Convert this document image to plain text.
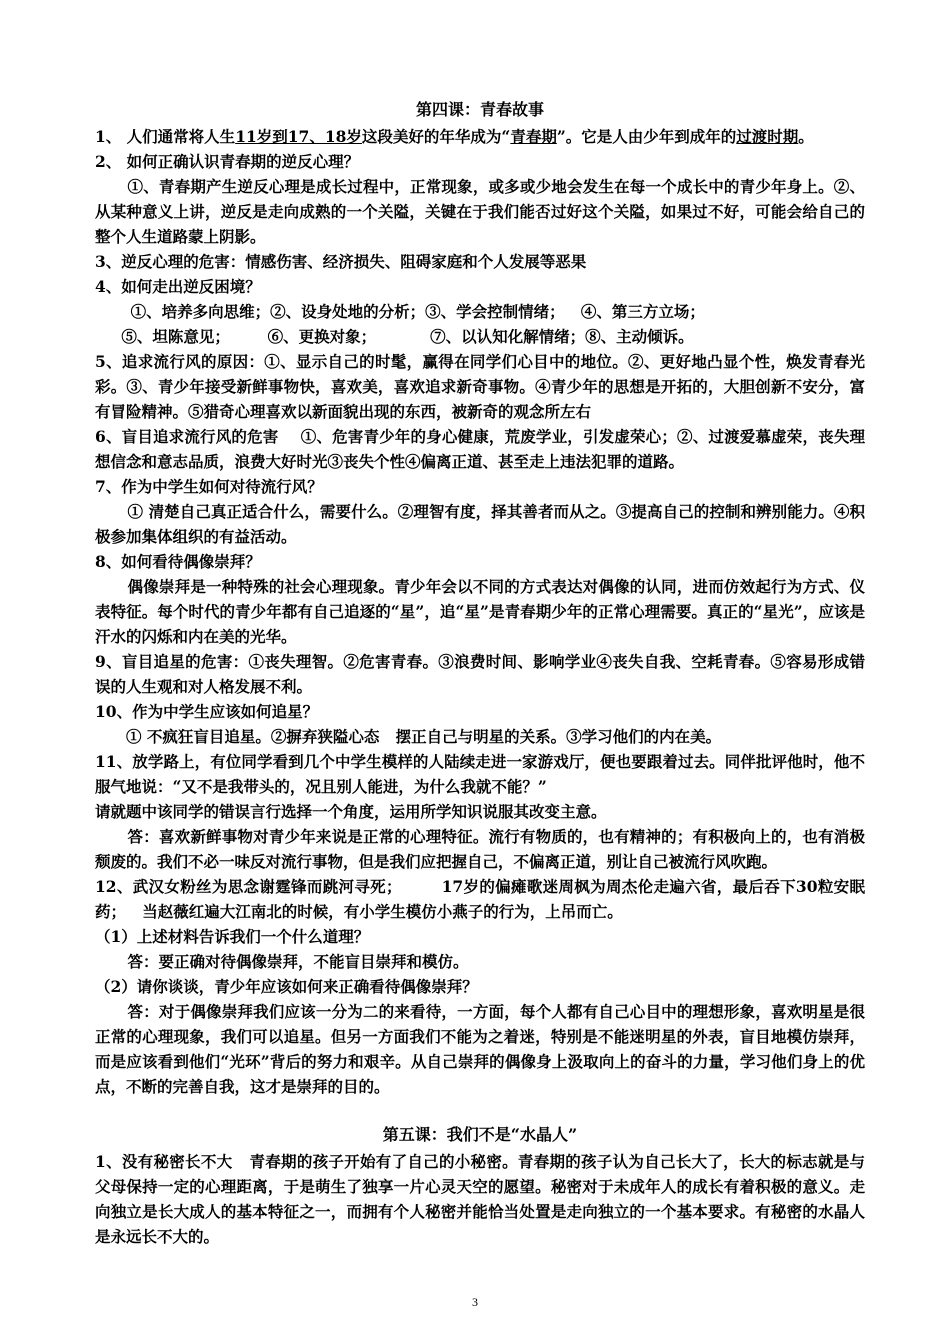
第四课：青春故事

1、 人们通常将人生11岁到17、18岁这段美好的年华成为“青春期”。它是人由少年到成年的过渡时期。

2、 如何正确认识青春期的逆反心理？

①、青春期产生逆反心理是成长过程中，正常现象，或多或少地会发生在每一个成长中的青少年身上。②、从某种意义上讲，逆反是走向成熟的一个关隘，关键在于我们能否过好这个关隘，如果过不好，可能会给自己的整个人生道路蒙上阴影。

3、逆反心理的危害：情感伤害、经济损失、阻碍家庭和个人发展等恶果

4、如何走出逆反困境？

①、培养多向思维；②、设身处地的分析；③、学会控制情绪；   ④、第三方立场；

⑤、坦陈意见；       ⑥、更换对象；          ⑦、以认知化解情绪；⑧、主动倾诉。

5、追求流行风的原因：①、显示自己的时髦，赢得在同学们心目中的地位。②、更好地凸显个性，焕发青春光彩。③、青少年接受新鲜事物快，喜欢美，喜欢追求新奇事物。④青少年的思想是开拓的，大胆创新不安分，富有冒险精神。⑤猎奇心理喜欢以新面貌出现的东西，被新奇的观念所左右

6、盲目追求流行风的危害    ①、危害青少年的身心健康，荒废学业，引发虚荣心；②、过渡爱慕虚荣，丧失理想信念和意志品质，浪费大好时光③丧失个性④偏离正道、甚至走上违法犯罪的道路。

7、作为中学生如何对待流行风？

① 清楚自己真正适合什么，需要什么。②理智有度，择其善者而从之。③提高自己的控制和辨别能力。④积极参加集体组织的有益活动。

8、如何看待偶像崇拜？

偶像崇拜是一种特殊的社会心理现象。青少年会以不同的方式表达对偶像的认同，进而仿效起行为方式、仪表特征。每个时代的青少年都有自己追逐的“星”，追“星”是青春期少年的正常心理需要。真正的“星光”，应该是汗水的闪烁和内在美的光华。

9、盲目追星的危害：①丧失理智。②危害青春。③浪费时间、影响学业④丧失自我、空耗青春。⑤容易形成错误的人生观和对人格发展不利。

10、作为中学生应该如何追星？

① 不疯狂盲目追星。②摒弃狭隘心态   摆正自己与明星的关系。③学习他们的内在美。

11、放学路上，有位同学看到几个中学生模样的人陆续走进一家游戏厅，便也要跟着过去。同伴批评他时，他不服气地说：“又不是我带头的，况且别人能进，为什么我就不能？”

请就题中该同学的错误言行选择一个角度，运用所学知识说服其改变主意。

答：喜欢新鲜事物对青少年来说是正常的心理特征。流行有物质的，也有精神的；有积极向上的，也有消极颓废的。我们不必一味反对流行事物，但是我们应把握自己，不偏离正道，别让自己被流行风吹跑。

12、武汉女粉丝为思念谢霆锋而跳河寻死；       17岁的偏瘫歌迷周枫为周杰伦走遍六省，最后吞下30粒安眠药；   当赵薇红遍大江南北的时候，有小学生模仿小燕子的行为，上吊而亡。

（1）上述材料告诉我们一个什么道理？

答：要正确对待偶像崇拜，不能盲目崇拜和模仿。

（2）请你谈谈，青少年应该如何来正确看待偶像崇拜？

答：对于偶像崇拜我们应该一分为二的来看待，一方面，每个人都有自己心目中的理想形象，喜欢明星是很正常的心理现象，我们可以追星。但另一方面我们不能为之着迷，特别是不能迷明星的外表，盲目地模仿崇拜，而是应该看到他们“光环”背后的努力和艰辛。从自己崇拜的偶像身上汲取向上的奋斗的力量，学习他们身上的优点，不断的完善自我，这才是崇拜的目的。

第五课：我们不是“水晶人”

1、没有秘密长不大   青春期的孩子开始有了自己的小秘密。青春期的孩子认为自己长大了，长大的标志就是与父母保持一定的心理距离，于是萌生了独享一片心灵天空的愿望。秘密对于未成年人的成长有着积极的意义。走向独立是长大成人的基本特征之一，而拥有个人秘密并能恰当处置是走向独立的一个基本要求。有秘密的水晶人是永远长不大的。

3
